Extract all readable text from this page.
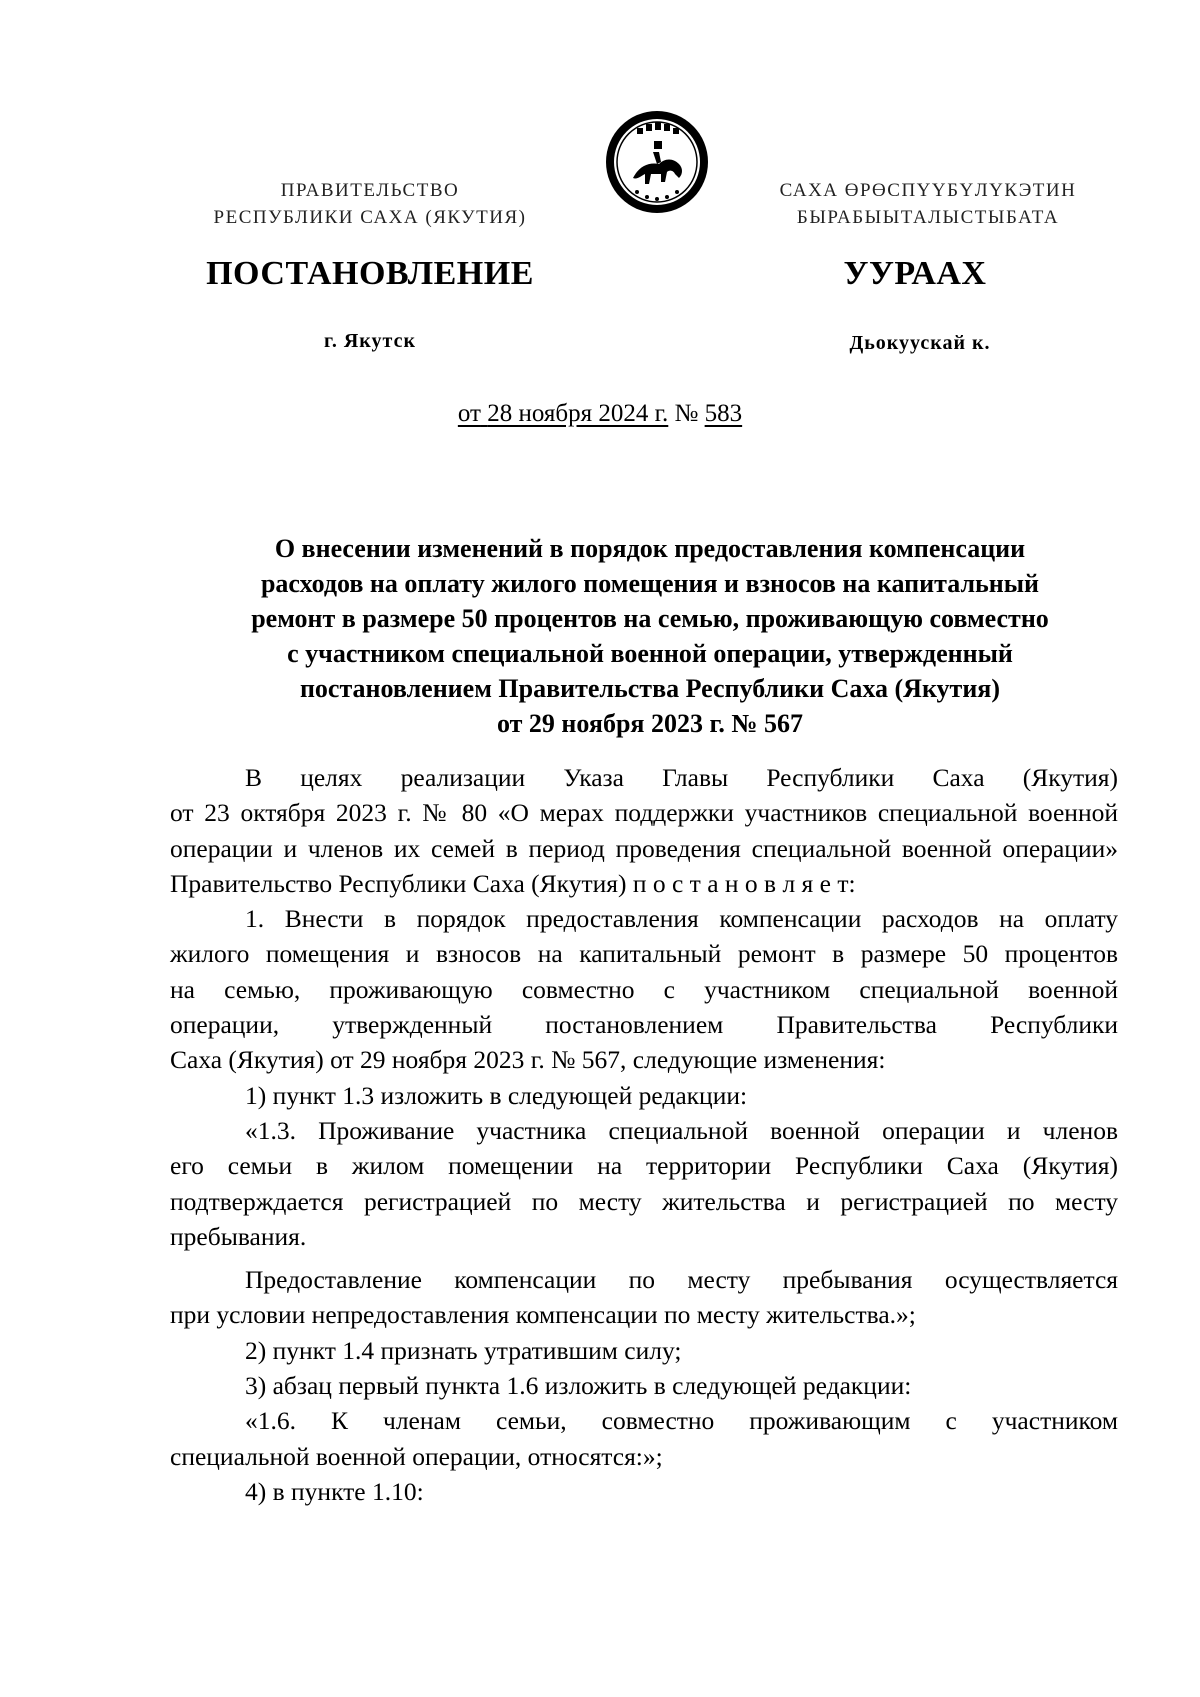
ПРАВИТЕЛЬСТВО
РЕСПУБЛИКИ САХА (ЯКУТИЯ)
САХА ӨРӨСПҮҮБҮЛҮКЭТИН
БЫРАБЫЫТАЛЫСТЫБАТА
ПОСТАНОВЛЕНИЕ	УУРААХ
г. Якутск	Дьокуускай к.
от 28 ноября 2024 г. № 583
О внесении изменений в порядок предоставления компенсации
расходов на оплату жилого помещения и взносов на капитальный
ремонт в размере 50 процентов на семью, проживающую совместно
с участником специальной военной операции, утвержденный
постановлением Правительства Республики Саха (Якутия)
от 29 ноября 2023 г. № 567
В целях реализации Указа Главы Республики Саха (Якутия)
от 23 октября 2023 г. № 80 «О мерах поддержки участников специальной военной
операции и членов их семей в период проведения специальной военной операции»
Правительство Республики Саха (Якутия) п о с т а н о в л я е т:
1. Внести в порядок предоставления компенсации расходов на оплату
жилого помещения и взносов на капитальный ремонт в размере 50 процентов
на семью, проживающую совместно с участником специальной военной
операции, утвержденный постановлением Правительства Республики
Саха (Якутия) от 29 ноября 2023 г. № 567, следующие изменения:
1) пункт 1.3 изложить в следующей редакции:
«1.3. Проживание участника специальной военной операции и членов
его семьи в жилом помещении на территории Республики Саха (Якутия)
подтверждается регистрацией по месту жительства и регистрацией по месту
пребывания.
Предоставление компенсации по месту пребывания осуществляется
при условии непредоставления компенсации по месту жительства.»;
2) пункт 1.4 признать утратившим силу;
3) абзац первый пункта 1.6 изложить в следующей редакции:
«1.6. К членам семьи, совместно проживающим с участником
специальной военной операции, относятся:»;
4) в пункте 1.10:
